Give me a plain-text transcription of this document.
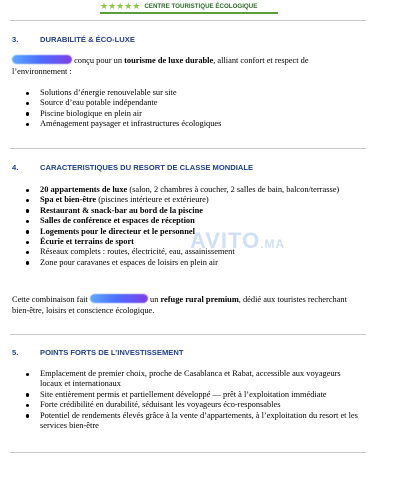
★★★★★ CENTRE TOURISTIQUE ÉCOLOGIQUE
3.	DURABILITÉ & ÉCO-LUXE
conçu pour un tourisme de luxe durable, alliant confort et respect de l’environnement :
Solutions d’énergie renouvelable sur site
Source d’eau potable indépendante
Piscine biologique en plein air
Aménagement paysager et infrastructures écologiques
4.	CARACTERISTIQUES DU RESORT DE CLASSE MONDIALE
20 appartements de luxe (salon, 2 chambres à coucher, 2 salles de bain, balcon/terrasse)
Spa et bien-être (piscines intérieure et extérieure)
Restaurant & snack-bar au bord de la piscine
Salles de conférence et espaces de réception
Logements pour le directeur et le personnel
Écurie et terrains de sport
Réseaux complets : routes, électricité, eau, assainissement
Zone pour caravanes et espaces de loisirs en plein air
Cette combinaison fait	un refuge rural premium, dédié aux touristes recherchant bien-être, loisirs et conscience écologique.
5.	POINTS FORTS DE L’INVESTISSEMENT
Emplacement de premier choix, proche de Casablanca et Rabat, accessible aux voyageurs locaux et internationaux
Site entièrement permis et partiellement développé — prêt à l’exploitation immédiate
Forte crédibilité en durabilité, séduisant les voyageurs éco-responsables
Potentiel de rendements élevés grâce à la vente d’appartements, à l’exploitation du resort et les services bien-être
AVITO.MA
